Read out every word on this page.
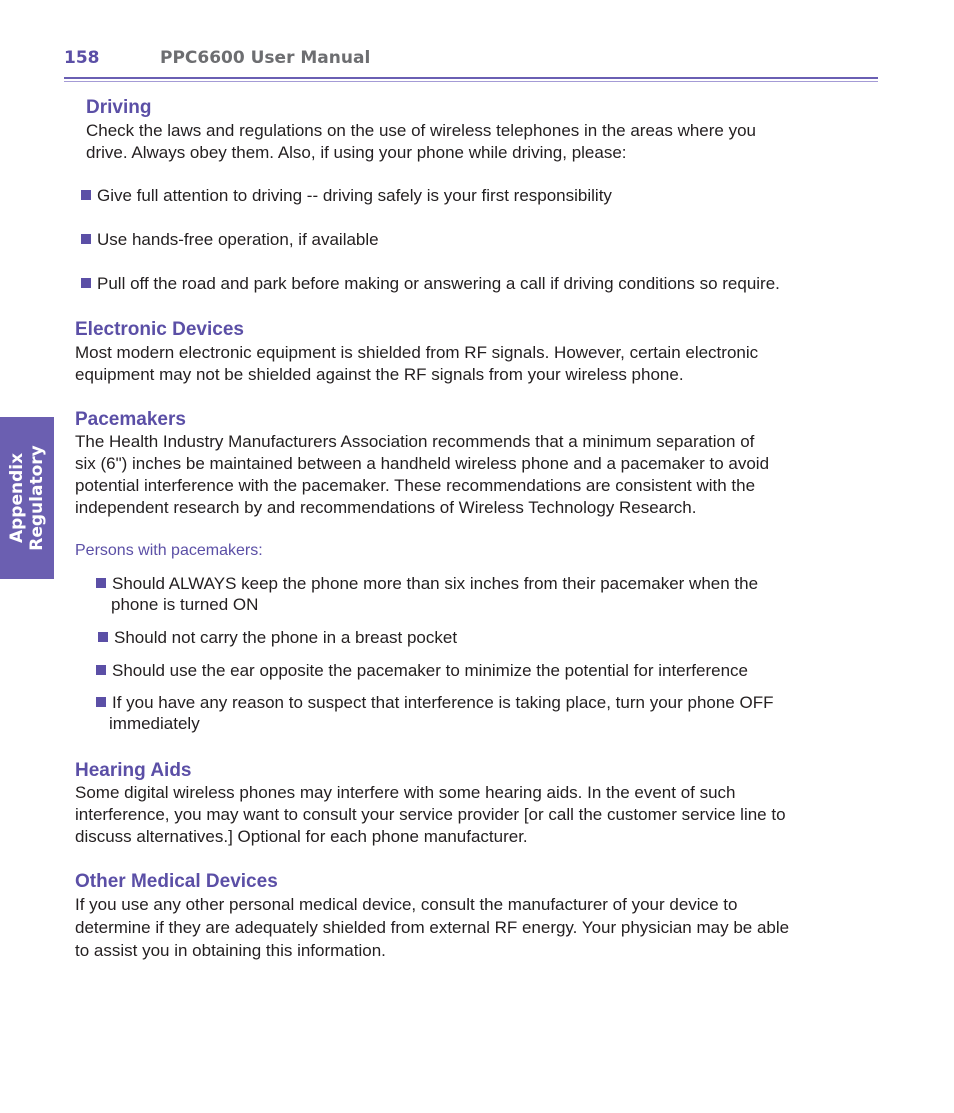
158	PPC6600 User Manual
Appendix Regulatory
Driving
Check the laws and regulations on the use of wireless telephones in the areas where you
drive. Always obey them. Also, if using your phone while driving, please:
Give full attention to driving -- driving safely is your first responsibility
Use hands-free operation, if available
Pull off the road and park before making or answering a call if driving conditions so require.
Electronic Devices
Most modern electronic equipment is shielded from RF signals. However, certain electronic
equipment may not be shielded against the RF signals from your wireless phone.
Pacemakers
The Health Industry Manufacturers Association recommends that a minimum separation of
six (6") inches be maintained between a handheld wireless phone and a pacemaker to avoid
potential interference with the pacemaker. These recommendations are consistent with the
independent research by and recommendations of Wireless Technology Research.
Persons with pacemakers:
Should ALWAYS keep the phone more than six inches from their pacemaker when the
phone is turned ON
Should not carry the phone in a breast pocket
Should use the ear opposite the pacemaker to minimize the potential for interference
If you have any reason to suspect that interference is taking place, turn your phone OFF
immediately
Hearing Aids
Some digital wireless phones may interfere with some hearing aids. In the event of such
interference, you may want to consult your service provider [or call the customer service line to
discuss alternatives.] Optional for each phone manufacturer.
Other Medical Devices
If you use any other personal medical device, consult the manufacturer of your device to
determine if they are adequately shielded from external RF energy. Your physician may be able
to assist you in obtaining this information.
